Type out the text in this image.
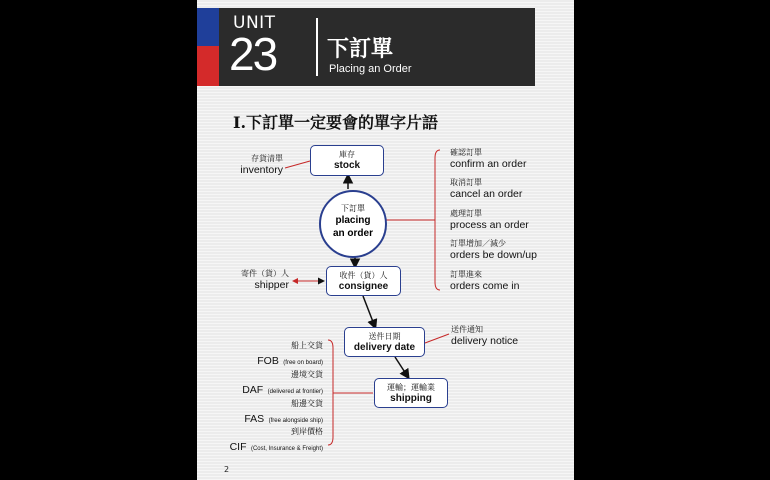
UNIT
23 下訂單
Placing an Order
I.下訂單一定要會的單字片語
庫存
stock
下訂單
placing
an order
收件（貨）人
consignee
送件日期
delivery date
運輸；運輸業
shipping
存貨清單
inventory
寄件（貨）人
shipper
送件通知
delivery notice
確認訂單
confirm an order
取消訂單
cancel an order
處理訂單
process an order
訂單增加／減少
orders be down/up
訂單進來
orders come in
船上交貨
FOB (free on board)
邊境交貨
DAF (delivered at frontier)
船邊交貨
FAS (free alongside ship)
到岸價格
CIF (Cost, Insurance & Freight)
2
